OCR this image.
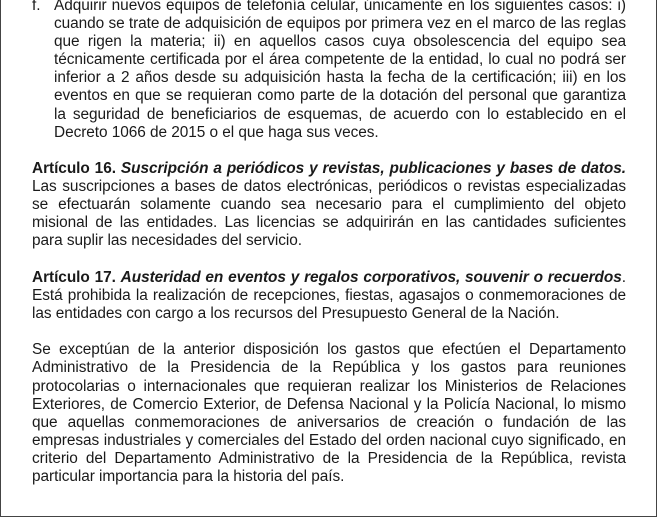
f. Adquirir nuevos equipos de telefonía celular, únicamente en los siguientes casos: i) cuando se trate de adquisición de equipos por primera vez en el marco de las reglas que rigen la materia; ii) en aquellos casos cuya obsolescencia del equipo sea técnicamente certificada por el área competente de la entidad, lo cual no podrá ser inferior a 2 años desde su adquisición hasta la fecha de la certificación; iii) en los eventos en que se requieran como parte de la dotación del personal que garantiza la seguridad de beneficiarios de esquemas, de acuerdo con lo establecido en el Decreto 1066 de 2015 o el que haga sus veces.

Artículo 16. Suscripción a periódicos y revistas, publicaciones y bases de datos. Las suscripciones a bases de datos electrónicas, periódicos o revistas especializadas se efectuarán solamente cuando sea necesario para el cumplimiento del objeto misional de las entidades. Las licencias se adquirirán en las cantidades suficientes para suplir las necesidades del servicio.

Artículo 17. Austeridad en eventos y regalos corporativos, souvenir o recuerdos. Está prohibida la realización de recepciones, fiestas, agasajos o conmemoraciones de las entidades con cargo a los recursos del Presupuesto General de la Nación.

Se exceptúan de la anterior disposición los gastos que efectúen el Departamento Administrativo de la Presidencia de la República y los gastos para reuniones protocolarias o internacionales que requieran realizar los Ministerios de Relaciones Exteriores, de Comercio Exterior, de Defensa Nacional y la Policía Nacional, lo mismo que aquellas conmemoraciones de aniversarios de creación o fundación de las empresas industriales y comerciales del Estado del orden nacional cuyo significado, en criterio del Departamento Administrativo de la Presidencia de la República, revista particular importancia para la historia del país.
